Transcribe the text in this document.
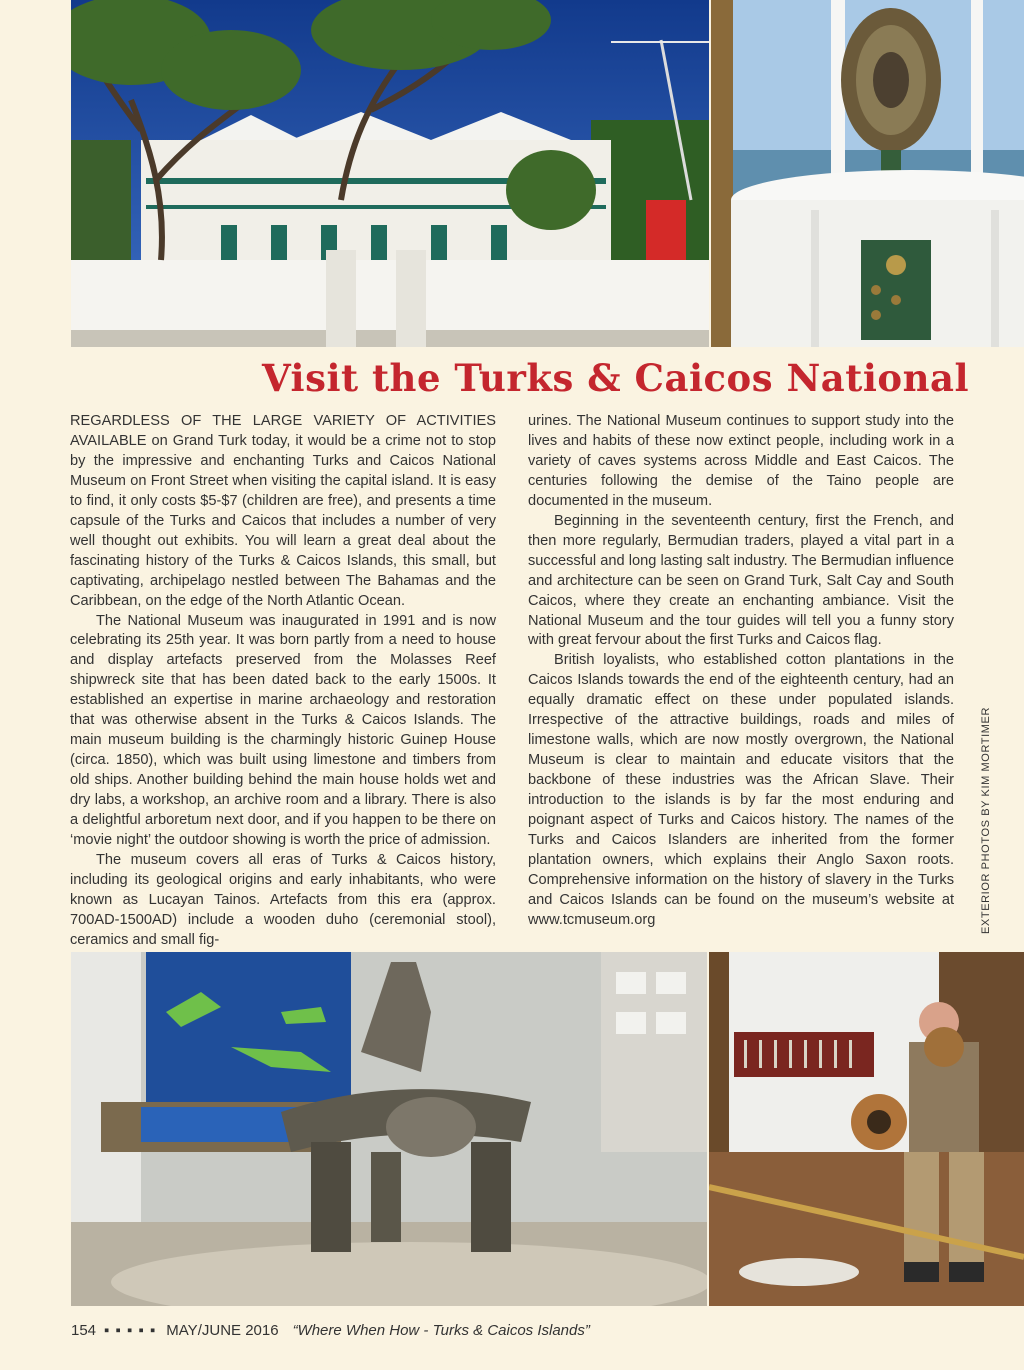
Visit the Turks & Caicos National

REGARDLESS OF THE LARGE VARIETY OF ACTIVITIES AVAILABLE on Grand Turk today, it would be a crime not to stop by the impressive and enchanting Turks and Caicos National Museum on Front Street when visiting the capital island. It is easy to find, it only costs $5-$7 (children are free), and presents a time capsule of the Turks and Caicos that includes a number of very well thought out exhibits. You will learn a great deal about the fascinating history of the Turks & Caicos Islands, this small, but captivating, archipelago nestled between The Bahamas and the Caribbean, on the edge of the North Atlantic Ocean.

The National Museum was inaugurated in 1991 and is now celebrating its 25th year. It was born partly from a need to house and display artefacts preserved from the Molasses Reef shipwreck site that has been dated back to the early 1500s. It established an expertise in marine archaeology and restoration that was otherwise absent in the Turks & Caicos Islands. The main museum building is the charmingly historic Guinep House (circa. 1850), which was built using limestone and timbers from old ships. Another building behind the main house holds wet and dry labs, a workshop, an archive room and a library. There is also a delightful arboretum next door, and if you happen to be there on ‘movie night’ the outdoor showing is worth the price of admission.

The museum covers all eras of Turks & Caicos history, including its geological origins and early inhabitants, who were known as Lucayan Tainos. Artefacts from this era (approx. 700AD-1500AD) include a wooden duho (ceremonial stool), ceramics and small fig-

urines. The National Museum continues to support study into the lives and habits of these now extinct people, including work in a variety of caves systems across Middle and East Caicos. The centuries following the demise of the Taino people are documented in the museum.

Beginning in the seventeenth century, first the French, and then more regularly, Bermudian traders, played a vital part in a successful and long lasting salt industry. The Bermudian influence and architecture can be seen on Grand Turk, Salt Cay and South Caicos, where they create an enchanting ambiance. Visit the National Museum and the tour guides will tell you a funny story with great fervour about the first Turks and Caicos flag.

British loyalists, who established cotton plantations in the Caicos Islands towards the end of the eighteenth century, had an equally dramatic effect on these under populated islands. Irrespective of the attractive buildings, roads and miles of limestone walls, which are now mostly overgrown, the National Museum is clear to maintain and educate visitors that the backbone of these industries was the African Slave. Their introduction to the islands is by far the most enduring and poignant aspect of Turks and Caicos history. The names of the Turks and Caicos Islanders are inherited from the former plantation owners, which explains their Anglo Saxon roots. Comprehensive information on the history of slavery in the Turks and Caicos Islands can be found on the museum’s website at www.tcmuseum.org	EXTERIOR PHOTOS BY KIM MORTIMER
154 ▪ ▪ ▪ ▪ ▪ MAY/JUNE 2016 “Where When How - Turks & Caicos Islands”
